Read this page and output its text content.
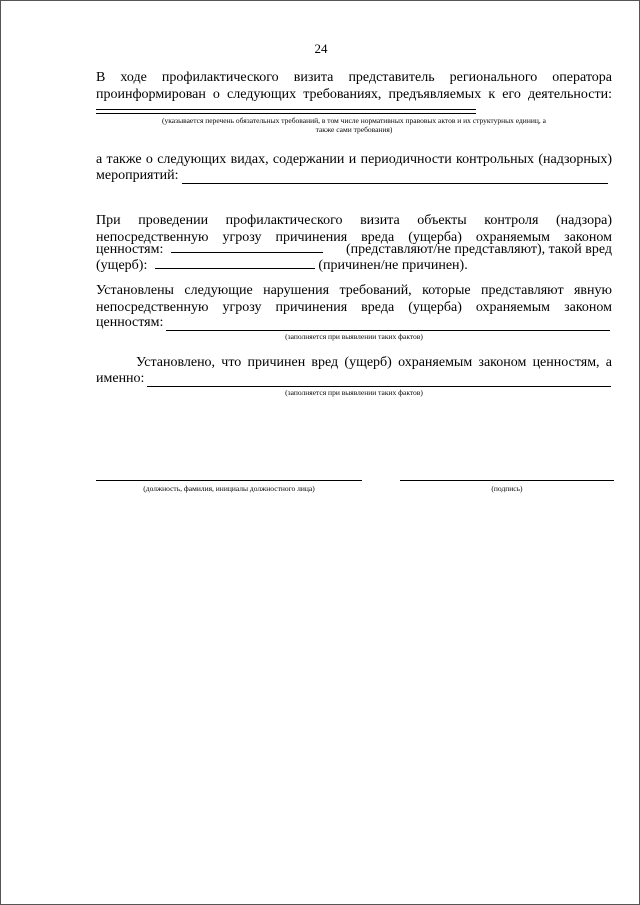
24
В ходе профилактического визита представитель регионального оператора
проинформирован о следующих требованиях, предъявляемых к его деятельности:
(указывается перечень обязательных требований, в том числе нормативных правовых актов и их структурных единиц, а
также сами требования)
а также о следующих видах, содержании и периодичности контрольных (надзорных)
мероприятий:
При проведении профилактического визита объекты контроля (надзора)
непосредственную угрозу причинения вреда (ущерба) охраняемым законом
ценностям:	(представляют/не представляют), такой вред
(ущерб):	(причинен/не причинен).
Установлены следующие нарушения требований, которые представляют явную
непосредственную угрозу причинения вреда (ущерба) охраняемым законом
ценностям:
(заполняется при выявлении таких фактов)
Установлено, что причинен вред (ущерб) охраняемым законом ценностям, а
именно:
(заполняется при выявлении таких фактов)
(должность, фамилия, инициалы должностного лица)	(подпись)
